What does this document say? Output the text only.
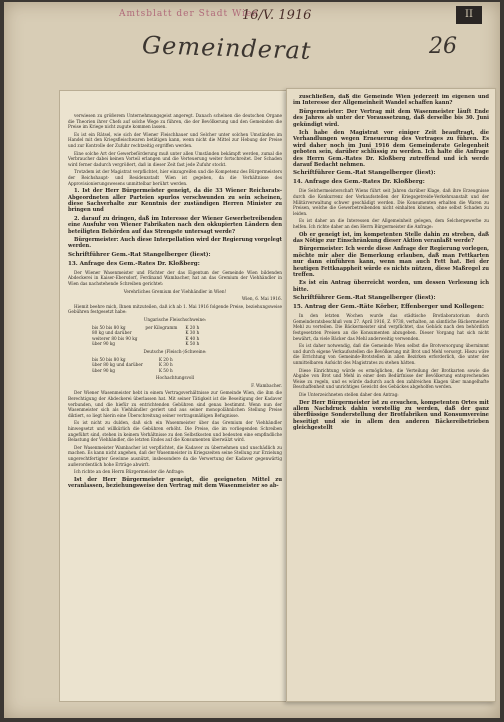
Amtsblatt der Stadt Wien
16/V. 1916	II
Gemeinderat	26

verwiesen zu größerem Unternehmungsgeist angeregt. Danach scheinen die deutschen Organe die Theorien ihrer Chefs auf solche Wege zu führen, die der Bevölkerung und den Gemeinden die Preise im Kriege nicht zugute kommen lassen.

Es ist ein Rätsel, wie sich der Wiener Fleischhauer und Selcher unter solchen Umständen im Handel mit den Kriegsfleischwaren betätigen kann, wenn nicht die Mittel zur Hebung der Preise und zur Kontrolle der Zufuhr rechtzeitig ergriffen werden.

Eine solche Art der Gewerbeförderung muß unter allen Umständen bekämpft werden, zumal die Verbraucher dabei keinen Vorteil erlangen und die Verteuerung weiter fortschreitet. Der Schaden wird ferner dadurch vergrößert, daß in dieser Zeit fast jede Zufuhr stockt.

Trotzdem ist der Magistrat verpflichtet, hier einzugreifen und die Kompetenz des Bürgermeisters der Reichshaupt- und Residenzstadt Wien ist gegeben, da die Verhältnisse des Approvisionierungswesens unmittelbar berührt werden.

1. Ist der Herr Bürgermeister geneigt, da die 33 Wiener Reichsrats-Abgeordneten aller Parteien spurlos verschwunden zu sein scheinen, diese Sachverhalte zur Kenntnis der zuständigen Herren Minister zu bringen und

2. darauf zu dringen, daß im Interesse der Wiener Gewerbetreibenden eine Ausfuhr von Wiener Fabrikaten nach den okkupierten Ländern den beteiligten Behörden auf das Strengste untersagt werde?

Bürgermeister: Auch diese Interpellation wird der Regierung vorgelegt werden.

Schriftführer Gem.-Rat Stangelberger (liest):

13. Anfrage des Gem.-Rates Dr. Kloßberg:

Der Wiener Wasenmeister und Pächter der das Eigentum der Gemeinde Wien bildenden Abdeckerei in Kaiser-Ebersdorf, Ferdinand Wambacher, hat an das Gremium der Viehhändler in Wien das nachstehende Schreiben gerichtet:

Verehrliches Gremium der Viehhändler in Wien!

Wien, 6. Mai 1916.

Hiemit beehre mich, Ihnen mitzuteilen, daß ich ab 1. Mai 1916 folgende Preise, beziehungsweise Gebühren festgesetzt habe:

Ungarische Fleischschweine:

bis 50 bis 80 kg	per Kilogramm	K 20 h
80 kg und darüber		K 30 h
weiterer 80 bis 90 kg		K 40 h
über 90 kg		K 50 h

Deutsche (Fleisch-)Schweine:

bis 50 bis 80 kg		K 20 h
über 80 kg und darüber		K 30 h
über 90 kg		K 50 h

Hochachtungsvoll

F. Wambacher.

Der Wiener Wasenmeister hebt in einem Vertragsverhältnisse zur Gemeinde Wien, die ihm die Berechtigung der Abdeckerei überlassen hat. Mit seiner Tätigkeit ist die Beseitigung der Kadaver verbunden, und die hiefür zu entrichtenden Gebühren sind genau bestimmt. Wenn nun der Wasenmeister sich als Viehhändler geriert und aus seiner monopolähnlichen Stellung Preise diktiert, so liegt hierin eine Überschreitung seiner vertragsmäßigen Befugnisse.

Es ist nicht zu dulden, daß sich ein Wasenmeister über das Gremium der Viehhändler hinwegsetzt und willkürlich die Gebühren erhöht. Die Preise, die im vorliegenden Schreiben angeführt sind, stehen in keinem Verhältnisse zu den Selbstkosten und bedeuten eine empfindliche Belastung der Viehhändler, die letzten Endes auf die Konsumenten überwälzt wird.

Der Wasenmeister Wambacher ist verpflichtet, die Kadaver zu übernehmen und unschädlich zu machen. Es kann nicht angehen, daß der Wasenmeister in Kriegszeiten seine Stellung zur Erzielung ungerechtfertigter Gewinne ausnützt, insbesondere da die Verwertung der Kadaver gegenwärtig außerordentlich hohe Erträge abwirft.

Ich richte an den Herrn Bürgermeister die Anfrage:

Ist der Herr Bürgermeister geneigt, die geeigneten Mittel zu veranlassen, beziehungsweise den Vertrag mit dem Wasenmeister so ab-

zuschließen, daß die Gemeinde Wien jederzeit im eigenen und im Interesse der Allgemeinheit Wandel schaffen kann?

Bürgermeister: Der Vertrag mit dem Wasenmeister läuft Ende des Jahres ab unter der Voraussetzung, daß derselbe bis 30. Juni gekündigt wird.

Ich habe den Magistrat vor einiger Zeit beauftragt, die Verhandlungen wegen Erneuerung des Vertrages zu führen. Es wird daher noch im Juni 1916 dem Gemeinderate Gelegenheit geboten sein, darüber schlüssig zu werden. Ich halte die Anfrage des Herrn Gem.-Rates Dr. Kloßberg zutreffend und ich werde darauf Bedacht nehmen.

Schriftführer Gem.-Rat Stangelberger (liest):

14. Anfrage des Gem.-Rates Dr. Kloßberg:

Die Selchermeisterschaft Wiens führt seit Jahren darüber Klage, daß ihre Erzeugnisse durch die Konkurrenz der Verkaufsstellen der Kriegsgetreide-Verkehrsanstalt und der Militärverwaltung schwer geschädigt werden. Die Konsumenten erhalten die Waren zu Preisen, welche die Gewerbetreibenden nicht einhalten können, ohne selbst Schaden zu leiden.

Es ist daher an die Interessen der Allgemeinheit gelegen, dem Selchergewerbe zu helfen. Ich richte daher an den Herrn Bürgermeister die Anfrage:

Ob er geneigt ist, im kompetenten Stelle dahin zu streben, daß das Nötige zur Einschränkung dieser Aktion veranlaßt werde?

Bürgermeister: Ich werde diese Anfrage der Regierung vorlegen, möchte mir aber die Bemerkung erlauben, daß man Fettkarten nur dann einführen kann, wenn man auch Fett hat. Bei der heutigen Fettknappheit würde es nichts nützen, diese Maßregel zu treffen.

Es ist ein Antrag überreicht worden, um dessen Verlesung ich bitte.

Schriftführer Gem.-Rat Stangelberger (liest):

15. Antrag der Gem.-Räte Körber, Effenberger und Kollegen:

In den letzten Wochen wurde das städtische Brotlaboratorium durch Gemeinderatsbeschluß vom 27. April 1916, Z. 9738, verhalten, an sämtliche Bäckermeister Mehl zu verteilen. Die Bäckermeister sind verpflichtet, das Gebäck nach den behördlich festgesetzten Preisen an die Konsumenten abzugeben. Dieser Vorgang hat sich nicht bewährt, da viele Bäcker das Mehl anderweitig verwenden.

Es ist daher notwendig, daß die Gemeinde Wien selbst die Brotversorgung übernimmt und durch eigene Verkaufsstellen die Bevölkerung mit Brot und Mehl versorgt. Hiezu wäre die Errichtung von Gemeinde-Brotstellen in allen Bezirken erforderlich, die unter der unmittelbaren Aufsicht des Magistrates zu stehen hätten.

Diese Einrichtung würde es ermöglichen, die Verteilung der Brotkarten sowie die Abgabe von Brot und Mehl in einer dem Bedürfnisse der Bevölkerung entsprechenden Weise zu regeln, und es würde dadurch auch den zahlreichen Klagen über mangelhafte Beschaffenheit und unrichtiges Gewicht des Gebäckes abgeholfen werden.

Die Unterzeichneten stellen daher den Antrag:

Der Herr Bürgermeister ist zu ersuchen, kompetenten Ortes mit allem Nachdruck dahin vorstellig zu werden, daß der ganz überflüssige Sonderstellung der Brotfabriken und Konsumvereine beseitigt und sie in allem den anderen Bäckereibetrieben gleichgestellt
